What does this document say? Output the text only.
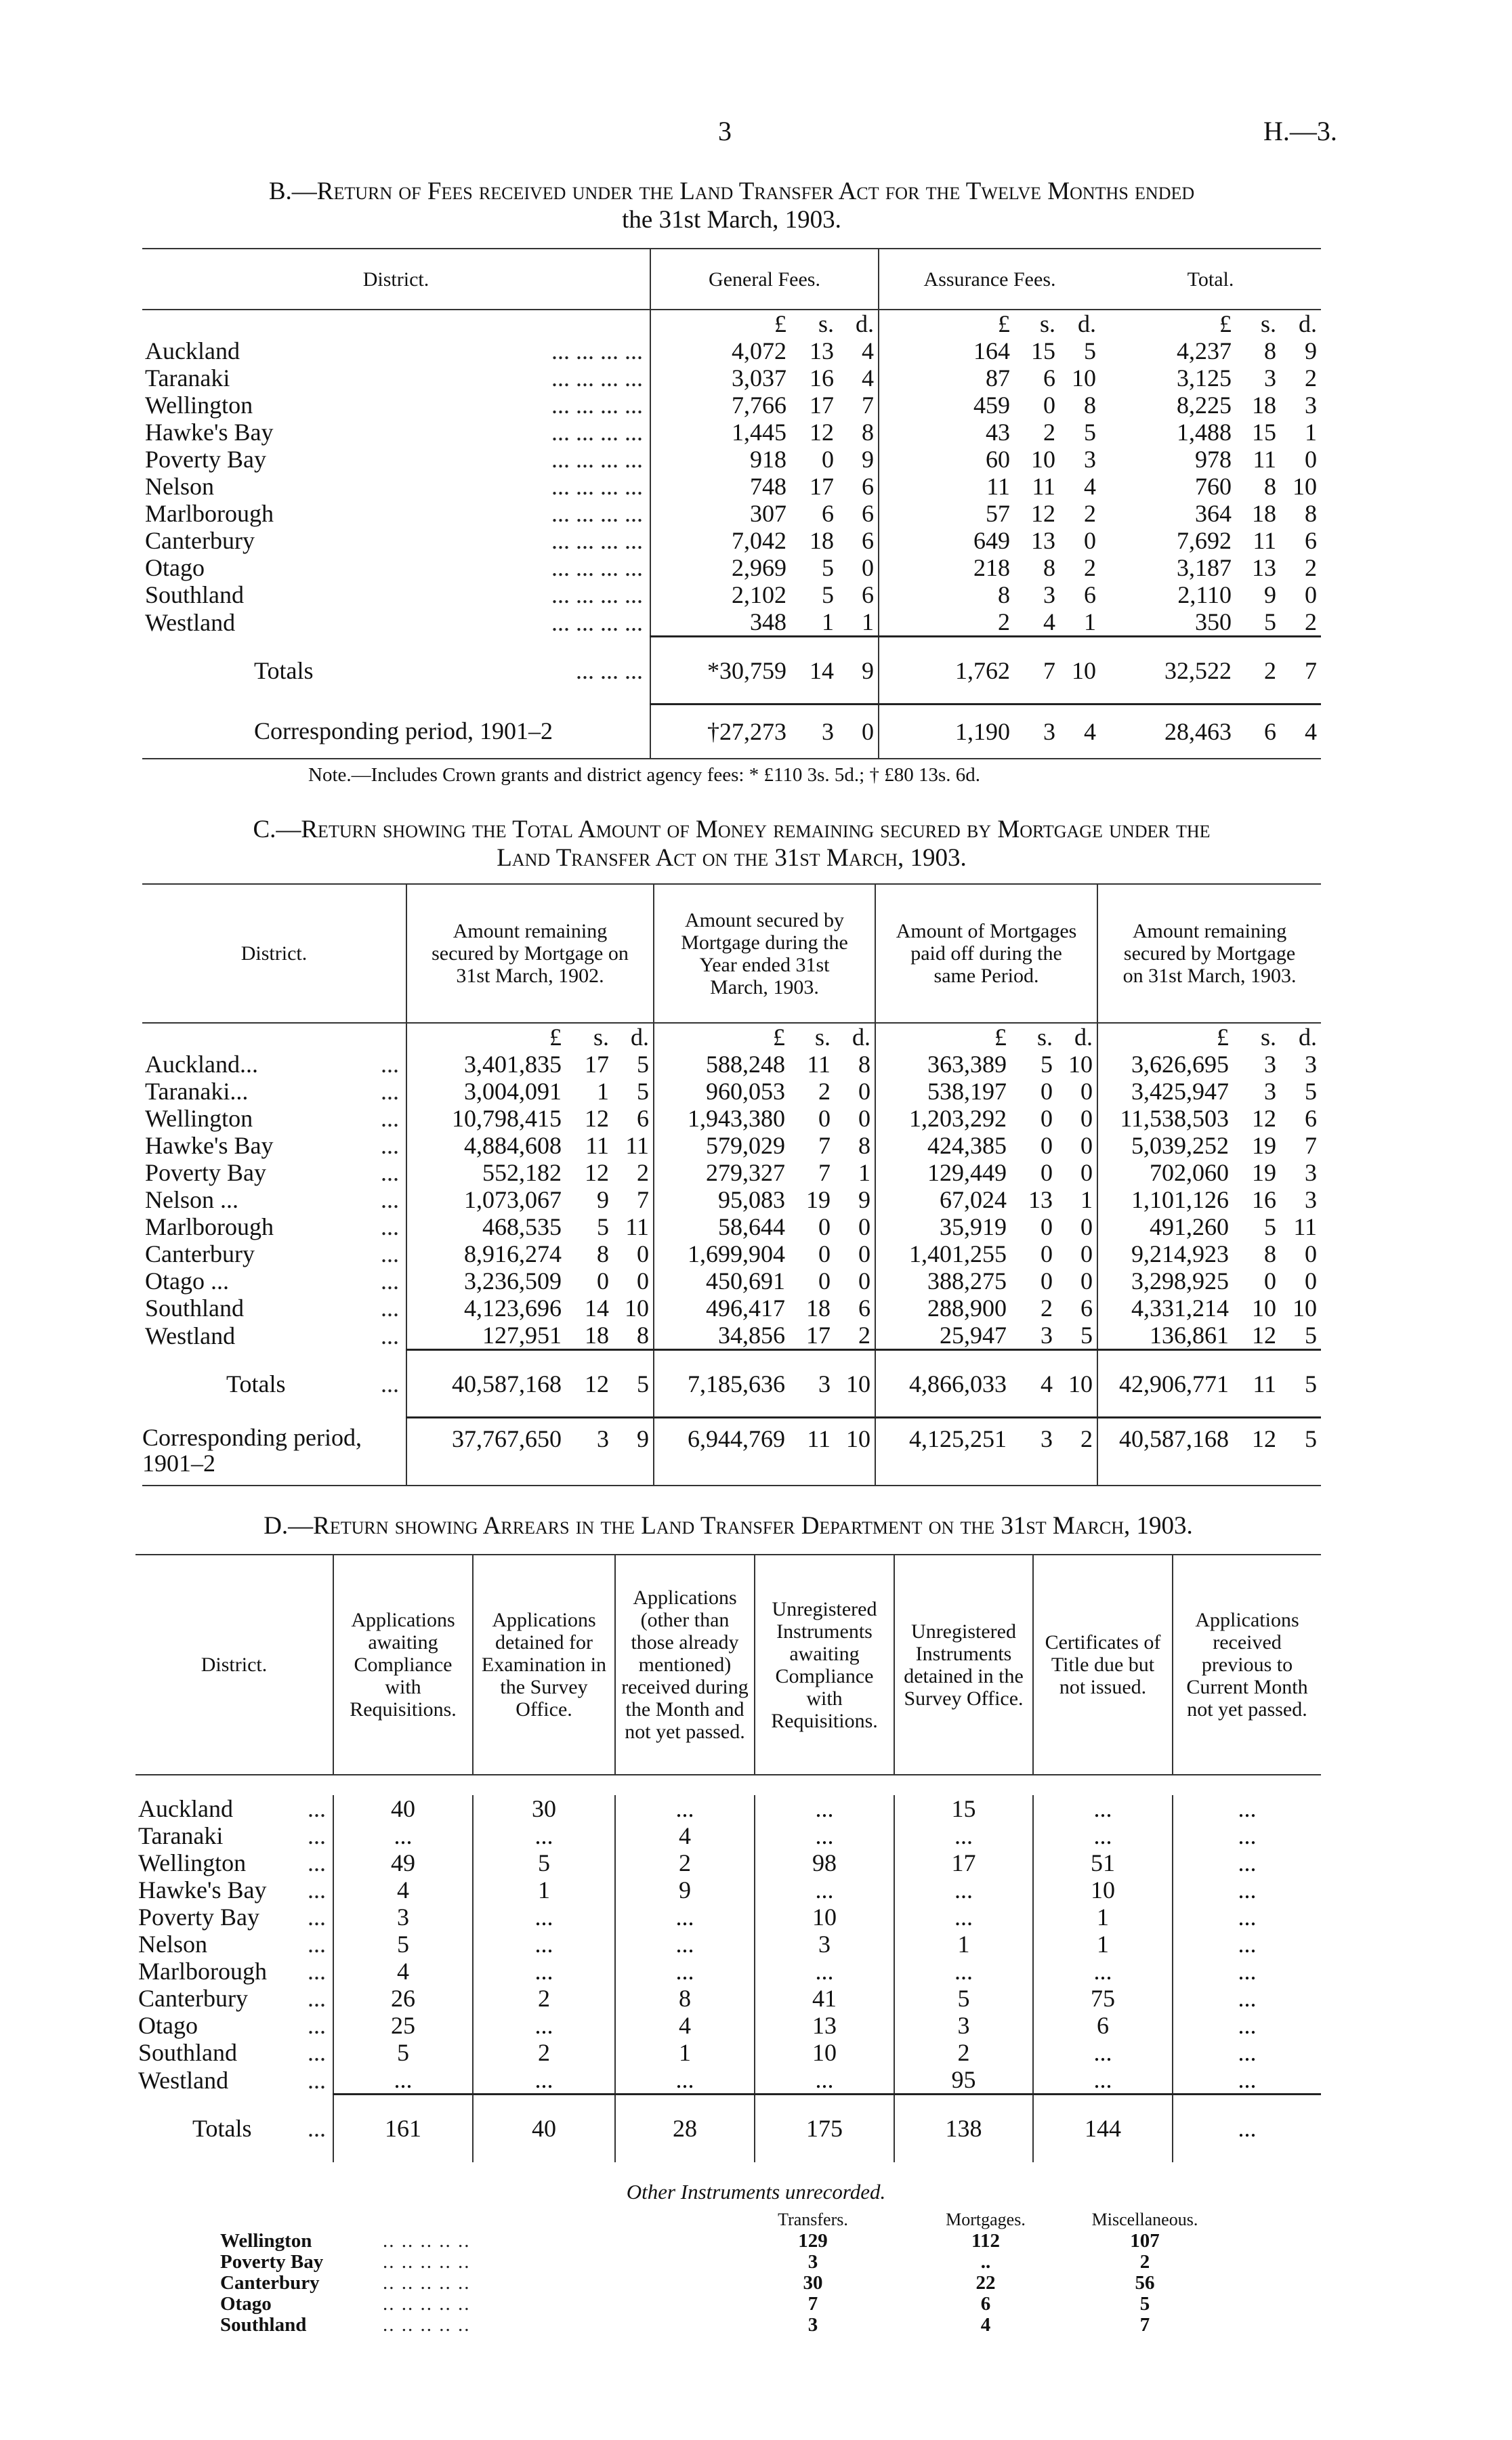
3	H.—3.
B.—Return of Fees received under the Land Transfer Act for the Twelve Months ended
the 31st March, 1903.
District.	General Fees.			Assurance Fees.			Total.		
	£	s.	d.	£	s.	d.	£	s.	d.
Auckland ... ... ... ...	4,072	13	4	164	15	5	4,237	8	9
Taranaki ... ... ... ...	3,037	16	4	87	6	10	3,125	3	2
Wellington ... ... ... ...	7,766	17	7	459	0	8	8,225	18	3
Hawke's Bay ... ... ... ...	1,445	12	8	43	2	5	1,488	15	1
Poverty Bay ... ... ... ...	918	0	9	60	10	3	978	11	0
Nelson ... ... ... ...	748	17	6	11	11	4	760	8	10
Marlborough ... ... ... ...	307	6	6	57	12	2	364	18	8
Canterbury ... ... ... ...	7,042	18	6	649	13	0	7,692	11	6
Otago ... ... ... ...	2,969	5	0	218	8	2	3,187	13	2
Southland ... ... ... ...	2,102	5	6	8	3	6	2,110	9	0
Westland ... ... ... ...	348	1	1	2	4	1	350	5	2
Totals ... ... ...	*30,759	14	9	1,762	7	10	32,522	2	7
Corresponding period, 1901–2	†27,273	3	0	1,190	3	4	28,463	6	4
Note.—Includes Crown grants and district agency fees: * £110 3s. 5d.; † £80 13s. 6d.
C.—Return showing the Total Amount of Money remaining secured by Mortgage under the
Land Transfer Act on the 31st March, 1903.
District.	Amount remaining secured by Mortgage on 31st March, 1902.			Amount secured by Mortgage during the Year ended 31st March, 1903.			Amount of Mortgages paid off during the same Period.			Amount remaining secured by Mortgage on 31st March, 1903.		
	£	s.	d.	£	s.	d.	£	s.	d.	£	s.	d.
Auckland... ...	3,401,835	17	5	588,248	11	8	363,389	5	10	3,626,695	3	3
Taranaki... ...	3,004,091	1	5	960,053	2	0	538,197	0	0	3,425,947	3	5
Wellington ...	10,798,415	12	6	1,943,380	0	0	1,203,292	0	0	11,538,503	12	6
Hawke's Bay ...	4,884,608	11	11	579,029	7	8	424,385	0	0	5,039,252	19	7
Poverty Bay ...	552,182	12	2	279,327	7	1	129,449	0	0	702,060	19	3
Nelson ... ...	1,073,067	9	7	95,083	19	9	67,024	13	1	1,101,126	16	3
Marlborough ...	468,535	5	11	58,644	0	0	35,919	0	0	491,260	5	11
Canterbury ...	8,916,274	8	0	1,699,904	0	0	1,401,255	0	0	9,214,923	8	0
Otago ... ...	3,236,509	0	0	450,691	0	0	388,275	0	0	3,298,925	0	0
Southland ...	4,123,696	14	10	496,417	18	6	288,900	2	6	4,331,214	10	10
Westland ...	127,951	18	8	34,856	17	2	25,947	3	5	136,861	12	5
Totals ...	40,587,168	12	5	7,185,636	3	10	4,866,033	4	10	42,906,771	11	5
Corresponding period, 1901–2	37,767,650	3	9	6,944,769	11	10	4,125,251	3	2	40,587,168	12	5
D.—Return showing Arrears in the Land Transfer Department on the 31st March, 1903.
District.	Applications awaiting Compliance with Requisitions.	Applications detained for Examination in the Survey Office.	Applications (other than those already mentioned) received during the Month and not yet passed.	Unregistered Instruments awaiting Compliance with Requisitions.	Unregistered Instruments detained in the Survey Office.	Certificates of Title due but not issued.	Applications received previous to Current Month not yet passed.

Auckland ...	40	30	...	...	15	...	...
Taranaki ...	...	...	4	...	...	...	...
Wellington ...	49	5	2	98	17	51	...
Hawke's Bay ...	4	1	9	...	...	10	...
Poverty Bay ...	3	...	...	10	...	1	...
Nelson ...	5	...	...	3	1	1	...
Marlborough ...	4	...	...	...	...	...	...
Canterbury ...	26	2	8	41	5	75	...
Otago ...	25	...	4	13	3	6	...
Southland ...	5	2	1	10	2	...	...
Westland ...	...	...	...	...	95	...	...
Totals ...	161	40	28	175	138	144	...
Other Instruments unrecorded.
		Transfers.	Mortgages.	Miscellaneous.
Wellington	.. .. .. .. ..	129	112	107
Poverty Bay	.. .. .. .. ..	3	..	2
Canterbury	.. .. .. .. ..	30	22	56
Otago	.. .. .. .. ..	7	6	5
Southland	.. .. .. .. ..	3	4	7
